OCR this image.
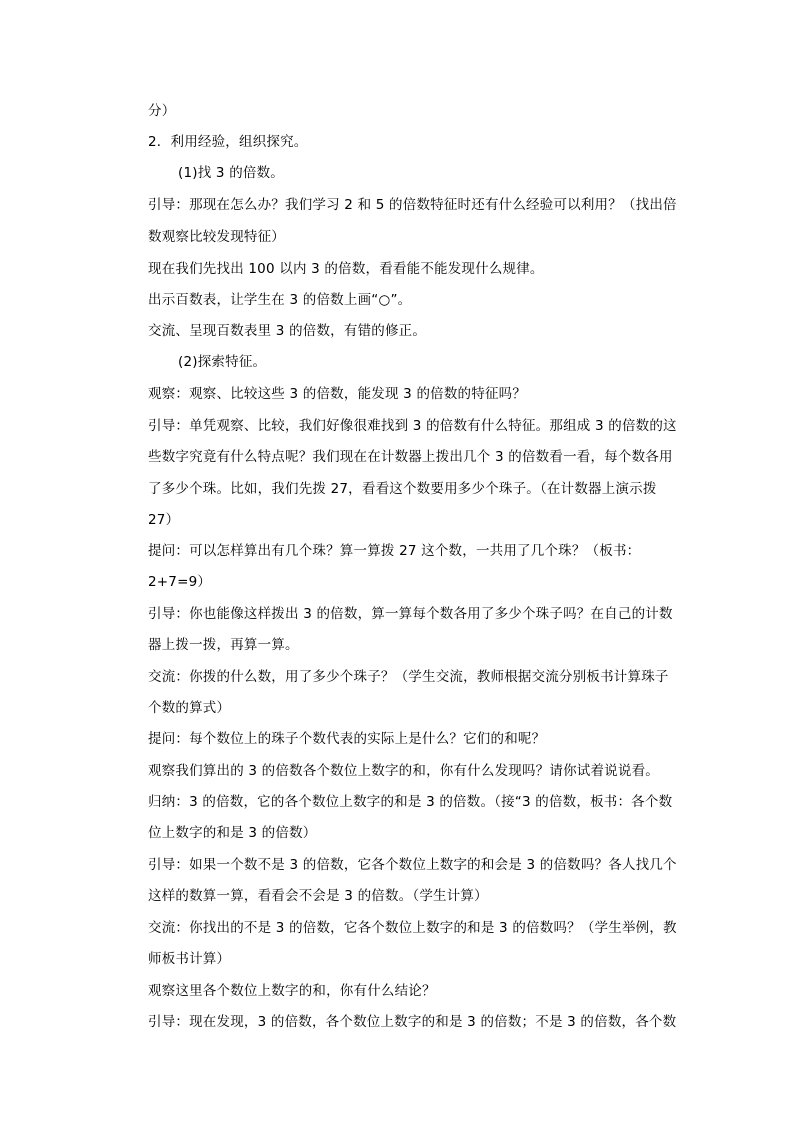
分）
2．利用经验，组织探究。
(1)找 3 的倍数。
引导：那现在怎么办？我们学习 2 和 5 的倍数特征时还有什么经验可以利用？（找出倍
数观察比较发现特征）
现在我们先找出 100 以内 3 的倍数，看看能不能发现什么规律。
出示百数表，让学生在 3 的倍数上画“○”。
交流、呈现百数表里 3 的倍数，有错的修正。
(2)探索特征。
观察：观察、比较这些 3 的倍数，能发现 3 的倍数的特征吗？
引导：单凭观察、比较，我们好像很难找到 3 的倍数有什么特征。那组成 3 的倍数的这
些数字究竟有什么特点呢？我们现在在计数器上拨出几个 3 的倍数看一看，每个数各用
了多少个珠。比如，我们先拨 27，看看这个数要用多少个珠子。（在计数器上演示拨
27）
提问：可以怎样算出有几个珠？算一算拨 27 这个数，一共用了几个珠？（板书：
2+7=9）
引导：你也能像这样拨出 3 的倍数，算一算每个数各用了多少个珠子吗？在自己的计数
器上拨一拨，再算一算。
交流：你拨的什么数，用了多少个珠子？（学生交流，教师根据交流分别板书计算珠子
个数的算式）
提问：每个数位上的珠子个数代表的实际上是什么？它们的和呢？
观察我们算出的 3 的倍数各个数位上数字的和，你有什么发现吗？请你试着说说看。
归纳：3 的倍数，它的各个数位上数字的和是 3 的倍数。（接“3 的倍数，板书：各个数
位上数字的和是 3 的倍数）
引导：如果一个数不是 3 的倍数，它各个数位上数字的和会是 3 的倍数吗？各人找几个
这样的数算一算，看看会不会是 3 的倍数。（学生计算）
交流：你找出的不是 3 的倍数，它各个数位上数字的和是 3 的倍数吗？（学生举例，教
师板书计算）
观察这里各个数位上数字的和，你有什么结论？
引导：现在发现，3 的倍数，各个数位上数字的和是 3 的倍数；不是 3 的倍数，各个数
